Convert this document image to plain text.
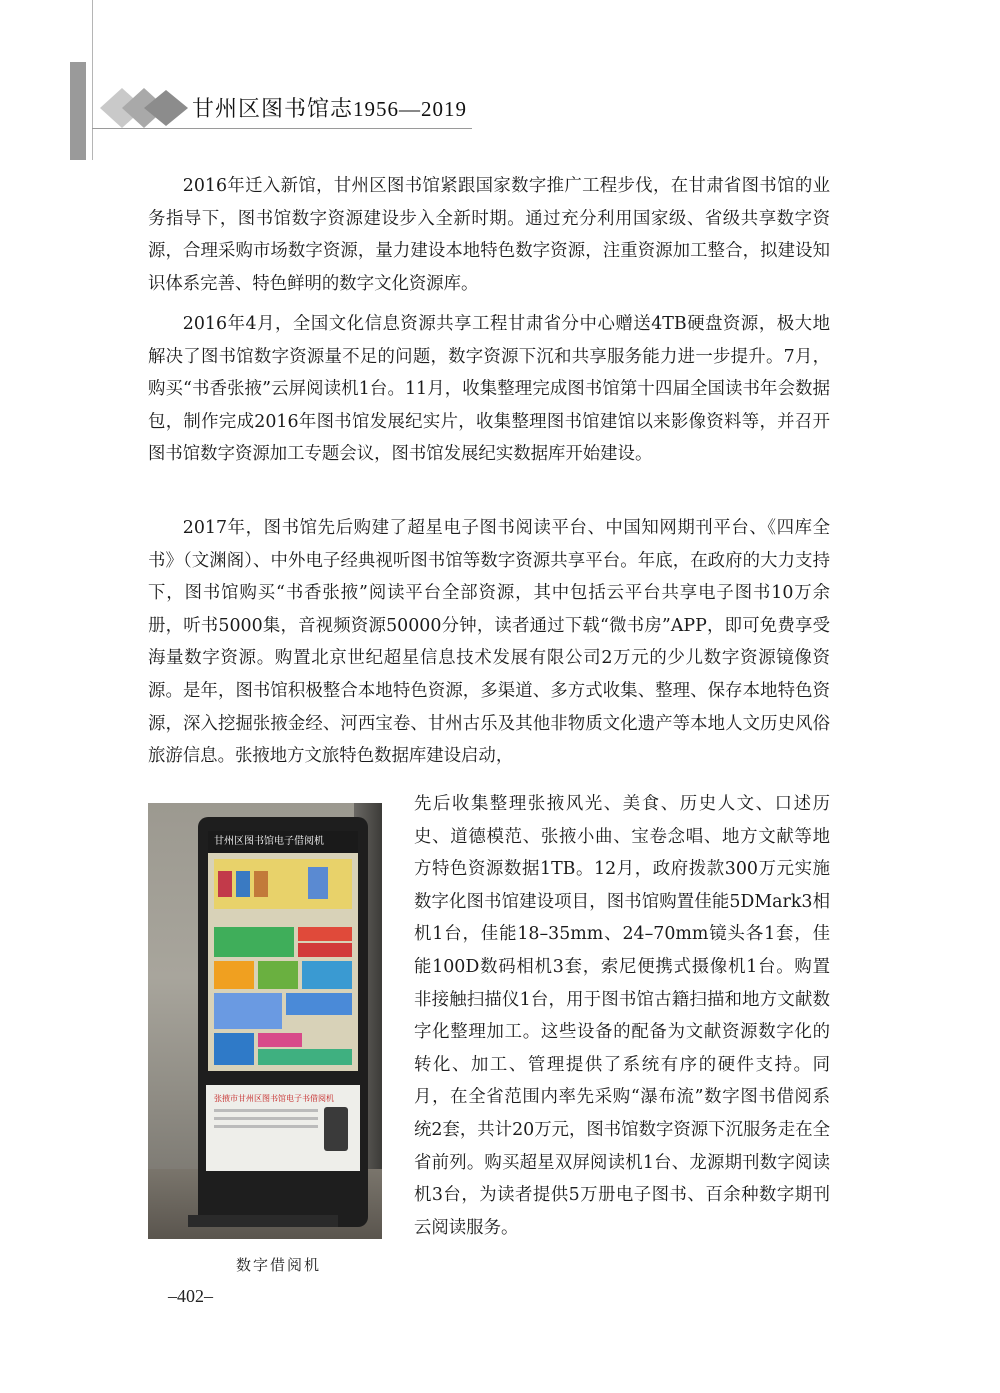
甘州区图书馆志1956—2019

2016年迁入新馆，甘州区图书馆紧跟国家数字推广工程步伐，在甘肃省图书馆的业务指导下，图书馆数字资源建设步入全新时期。通过充分利用国家级、省级共享数字资源，合理采购市场数字资源，量力建设本地特色数字资源，注重资源加工整合，拟建设知识体系完善、特色鲜明的数字文化资源库。

2016年4月，全国文化信息资源共享工程甘肃省分中心赠送4TB硬盘资源，极大地解决了图书馆数字资源量不足的问题，数字资源下沉和共享服务能力进一步提升。7月，购买“书香张掖”云屏阅读机1台。11月，收集整理完成图书馆第十四届全国读书年会数据包，制作完成2016年图书馆发展纪实片，收集整理图书馆建馆以来影像资料等，并召开图书馆数字资源加工专题会议，图书馆发展纪实数据库开始建设。

2017年，图书馆先后购建了超星电子图书阅读平台、中国知网期刊平台、《四库全书》（文渊阁）、中外电子经典视听图书馆等数字资源共享平台。年底，在政府的大力支持下，图书馆购买“书香张掖”阅读平台全部资源，其中包括云平台共享电子图书10万余册，听书5000集，音视频资源50000分钟，读者通过下载“微书房”APP，即可免费享受海量数字资源。购置北京世纪超星信息技术发展有限公司2万元的少儿数字资源镜像资源。是年，图书馆积极整合本地特色资源，多渠道、多方式收集、整理、保存本地特色资源，深入挖掘张掖金经、河西宝卷、甘州古乐及其他非物质文化遗产等本地人文历史风俗旅游信息。张掖地方文旅特色数据库建设启动，

先后收集整理张掖风光、美食、历史人文、口述历史、道德模范、张掖小曲、宝卷念唱、地方文献等地方特色资源数据1TB。12月，政府拨款300万元实施数字化图书馆建设项目，图书馆购置佳能5DMark3相机1台，佳能18–35mm、24–70mm镜头各1套，佳能100D数码相机3套，索尼便携式摄像机1台。购置非接触扫描仪1台，用于图书馆古籍扫描和地方文献数字化整理加工。这些设备的配备为文献资源数字化的转化、加工、管理提供了系统有序的硬件支持。同月，在全省范围内率先采购“瀑布流”数字图书借阅系统2套，共计20万元，图书馆数字资源下沉服务走在全省前列。购买超星双屏阅读机1台、龙源期刊数字阅读机3台，为读者提供5万册电子图书、百余种数字期刊云阅读服务。

甘州区图书馆电子借阅机
张掖市甘州区图书馆电子书借阅机
数字借阅机
–402–
